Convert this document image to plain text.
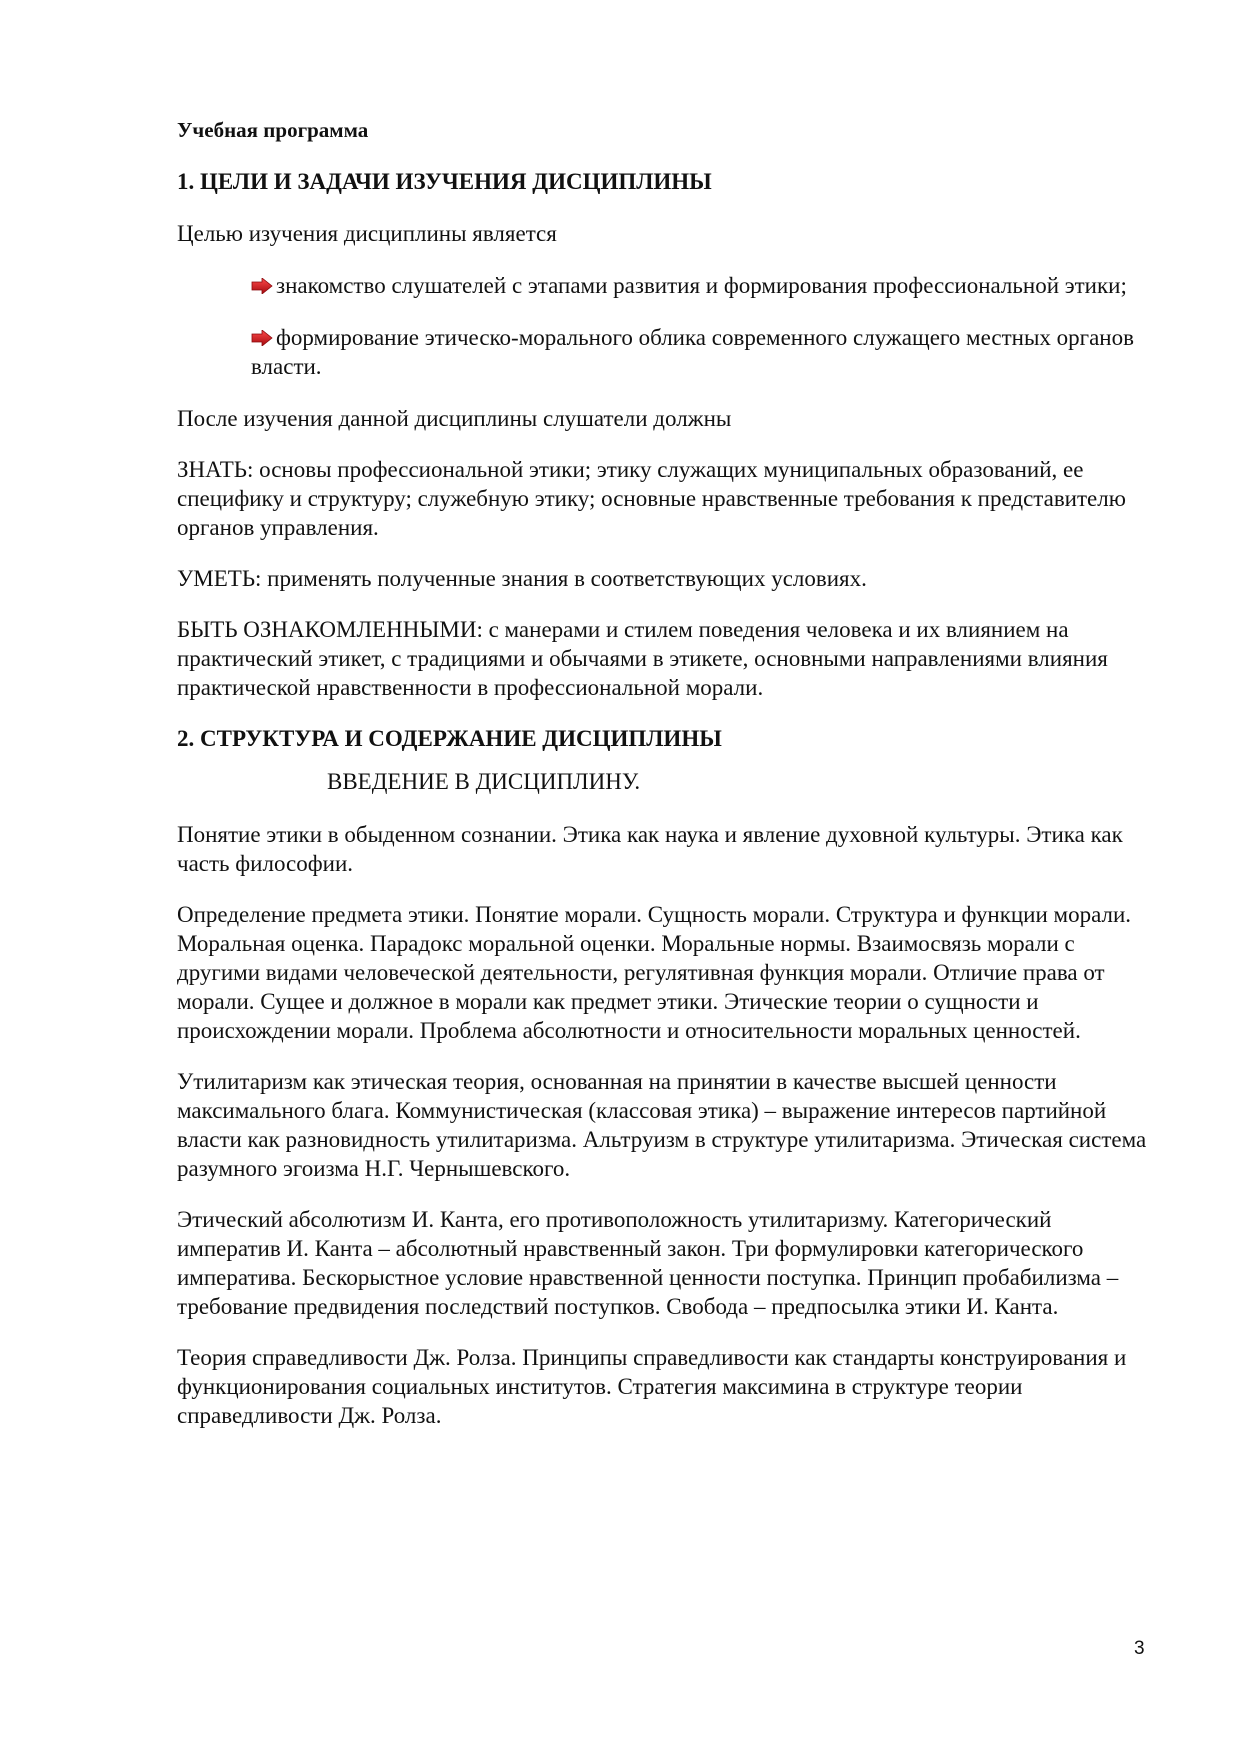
Учебная программа

1. ЦЕЛИ И ЗАДАЧИ ИЗУЧЕНИЯ ДИСЦИПЛИНЫ

Целью изучения дисциплины является

знакомство слушателей с этапами развития и формирования профессиональной этики;
формирование этическо-морального облика современного служащего местных органов власти.

После изучения данной дисциплины слушатели должны

ЗНАТЬ: основы профессиональной этики; этику служащих муниципальных образований, ее специфику и структуру; служебную этику; основные нравственные требования к представителю органов управления.

УМЕТЬ: применять полученные знания в соответствующих условиях.

БЫТЬ ОЗНАКОМЛЕННЫМИ: с манерами и стилем поведения человека и их влиянием на практический этикет, с традициями и обычаями в этикете, основными направлениями влияния практической нравственности в профессиональной морали.

2. СТРУКТУРА И СОДЕРЖАНИЕ ДИСЦИПЛИНЫ

ВВЕДЕНИЕ В ДИСЦИПЛИНУ.

Понятие этики в обыденном сознании. Этика как наука и явление духовной культуры. Этика как часть философии.

Определение предмета этики. Понятие морали. Сущность морали. Структура и функции морали. Моральная оценка. Парадокс моральной оценки. Моральные нормы. Взаимосвязь морали с другими видами человеческой деятельности, регулятивная функция морали. Отличие права от морали. Сущее и должное в морали как предмет этики. Этические теории о сущности и происхождении морали. Проблема абсолютности и относительности моральных ценностей.

Утилитаризм как этическая теория, основанная на принятии в качестве высшей ценности максимального блага. Коммунистическая (классовая этика) – выражение интересов партийной власти как разновидность утилитаризма. Альтруизм в структуре утилитаризма. Этическая система разумного эгоизма Н.Г. Чернышевского.

Этический абсолютизм И. Канта, его противоположность утилитаризму. Категорический императив И. Канта – абсолютный нравственный закон. Три формулировки категорического императива. Бескорыстное условие нравственной ценности поступка. Принцип пробабилизма – требование предвидения последствий поступков. Свобода – предпосылка этики И. Канта.

Теория справедливости Дж. Ролза. Принципы справедливости как стандарты конструирования и функционирования социальных институтов. Стратегия максимина в структуре теории справедливости Дж. Ролза.

3
